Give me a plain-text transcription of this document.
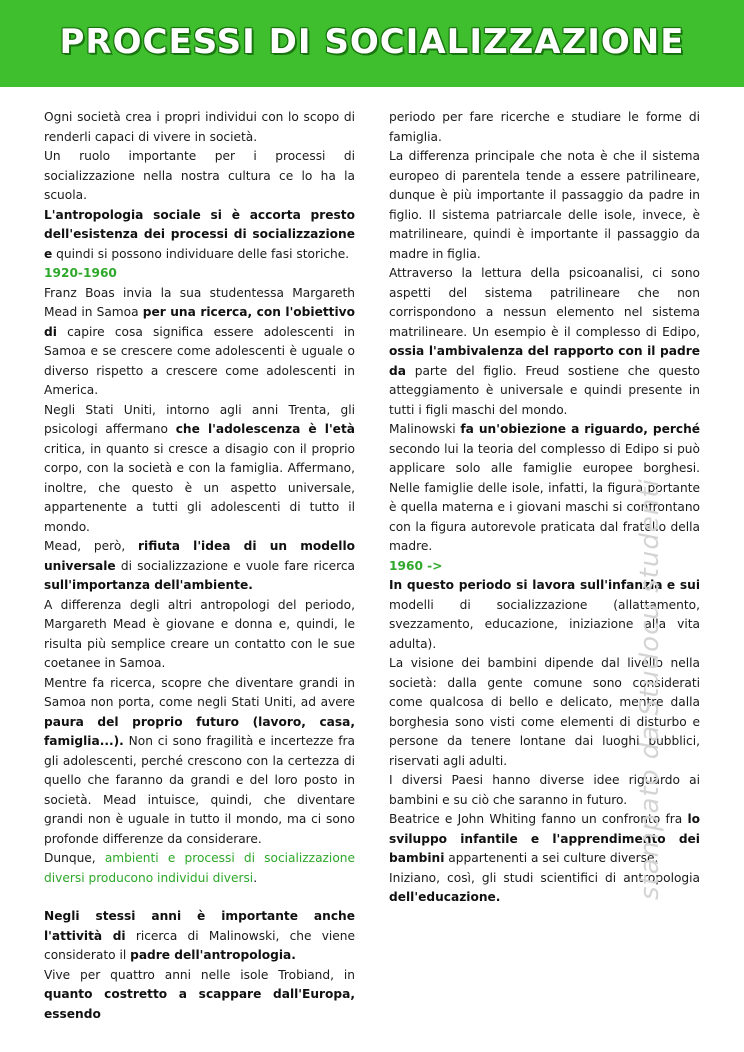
PROCESSI DI SOCIALIZZAZIONE

Ogni società crea i propri individui con lo scopo di renderli capaci di vivere in società.

Un ruolo importante per i processi di socializzazione nella nostra cultura ce lo ha la scuola.

L'antropologia sociale si è accorta presto dell'esistenza dei processi di socializzazione e quindi si possono individuare delle fasi storiche.

1920-1960

Franz Boas invia la sua studentessa Margareth Mead in Samoa per una ricerca, con l'obiettivo di capire cosa significa essere adolescenti in Samoa e se crescere come adolescenti è uguale o diverso rispetto a crescere come adolescenti in America.

Negli Stati Uniti, intorno agli anni Trenta, gli psicologi affermano che l'adolescenza è l'età critica, in quanto si cresce a disagio con il proprio corpo, con la società e con la famiglia. Affermano, inoltre, che questo è un aspetto universale, appartenente a tutti gli adolescenti di tutto il mondo.

Mead, però, rifiuta l'idea di un modello universale di socializzazione e vuole fare ricerca sull'importanza dell'ambiente.

A differenza degli altri antropologi del periodo, Margareth Mead è giovane e donna e, quindi, le risulta più semplice creare un contatto con le sue coetanee in Samoa.

Mentre fa ricerca, scopre che diventare grandi in Samoa non porta, come negli Stati Uniti, ad avere paura del proprio futuro (lavoro, casa, famiglia...). Non ci sono fragilità e incertezze fra gli adolescenti, perché crescono con la certezza di quello che faranno da grandi e del loro posto in società. Mead intuisce, quindi, che diventare grandi non è uguale in tutto il mondo, ma ci sono profonde differenze da considerare.

Dunque, ambienti e processi di socializzazione diversi producono individui diversi.

Negli stessi anni è importante anche l'attività di ricerca di Malinowski, che viene considerato il padre dell'antropologia.

Vive per quattro anni nelle isole Trobiand, in quanto costretto a scappare dall'Europa, essendo

periodo per fare ricerche e studiare le forme di famiglia.

La differenza principale che nota è che il sistema europeo di parentela tende a essere patrilineare, dunque è più importante il passaggio da padre in figlio. Il sistema patriarcale delle isole, invece, è matrilineare, quindi è importante il passaggio da madre in figlia.

Attraverso la lettura della psicoanalisi, ci sono aspetti del sistema patrilineare che non corrispondono a nessun elemento nel sistema matrilineare. Un esempio è il complesso di Edipo, ossia l'ambivalenza del rapporto con il padre da parte del figlio. Freud sostiene che questo atteggiamento è universale e quindi presente in tutti i figli maschi del mondo.

Malinowski fa un'obiezione a riguardo, perché secondo lui la teoria del complesso di Edipo si può applicare solo alle famiglie europee borghesi. Nelle famiglie delle isole, infatti, la figura portante è quella materna e i giovani maschi si confrontano con la figura autorevole praticata dal fratello della madre.

1960 ->

In questo periodo si lavora sull'infanzia e sui modelli di socializzazione (allattamento, svezzamento, educazione, iniziazione alla vita adulta).

La visione dei bambini dipende dal livello nella società: dalla gente comune sono considerati come qualcosa di bello e delicato, mentre dalla borghesia sono visti come elementi di disturbo e persone da tenere lontane dai luoghi pubblici, riservati agli adulti.

I diversi Paesi hanno diverse idee riguardo ai bambini e su ciò che saranno in futuro.

Beatrice e John Whiting fanno un confronto fra lo sviluppo infantile e l'apprendimento dei bambini appartenenti a sei culture diverse.

Iniziano, così, gli studi scientifici di antropologia dell'educazione.	stampato da Studocu studenti
